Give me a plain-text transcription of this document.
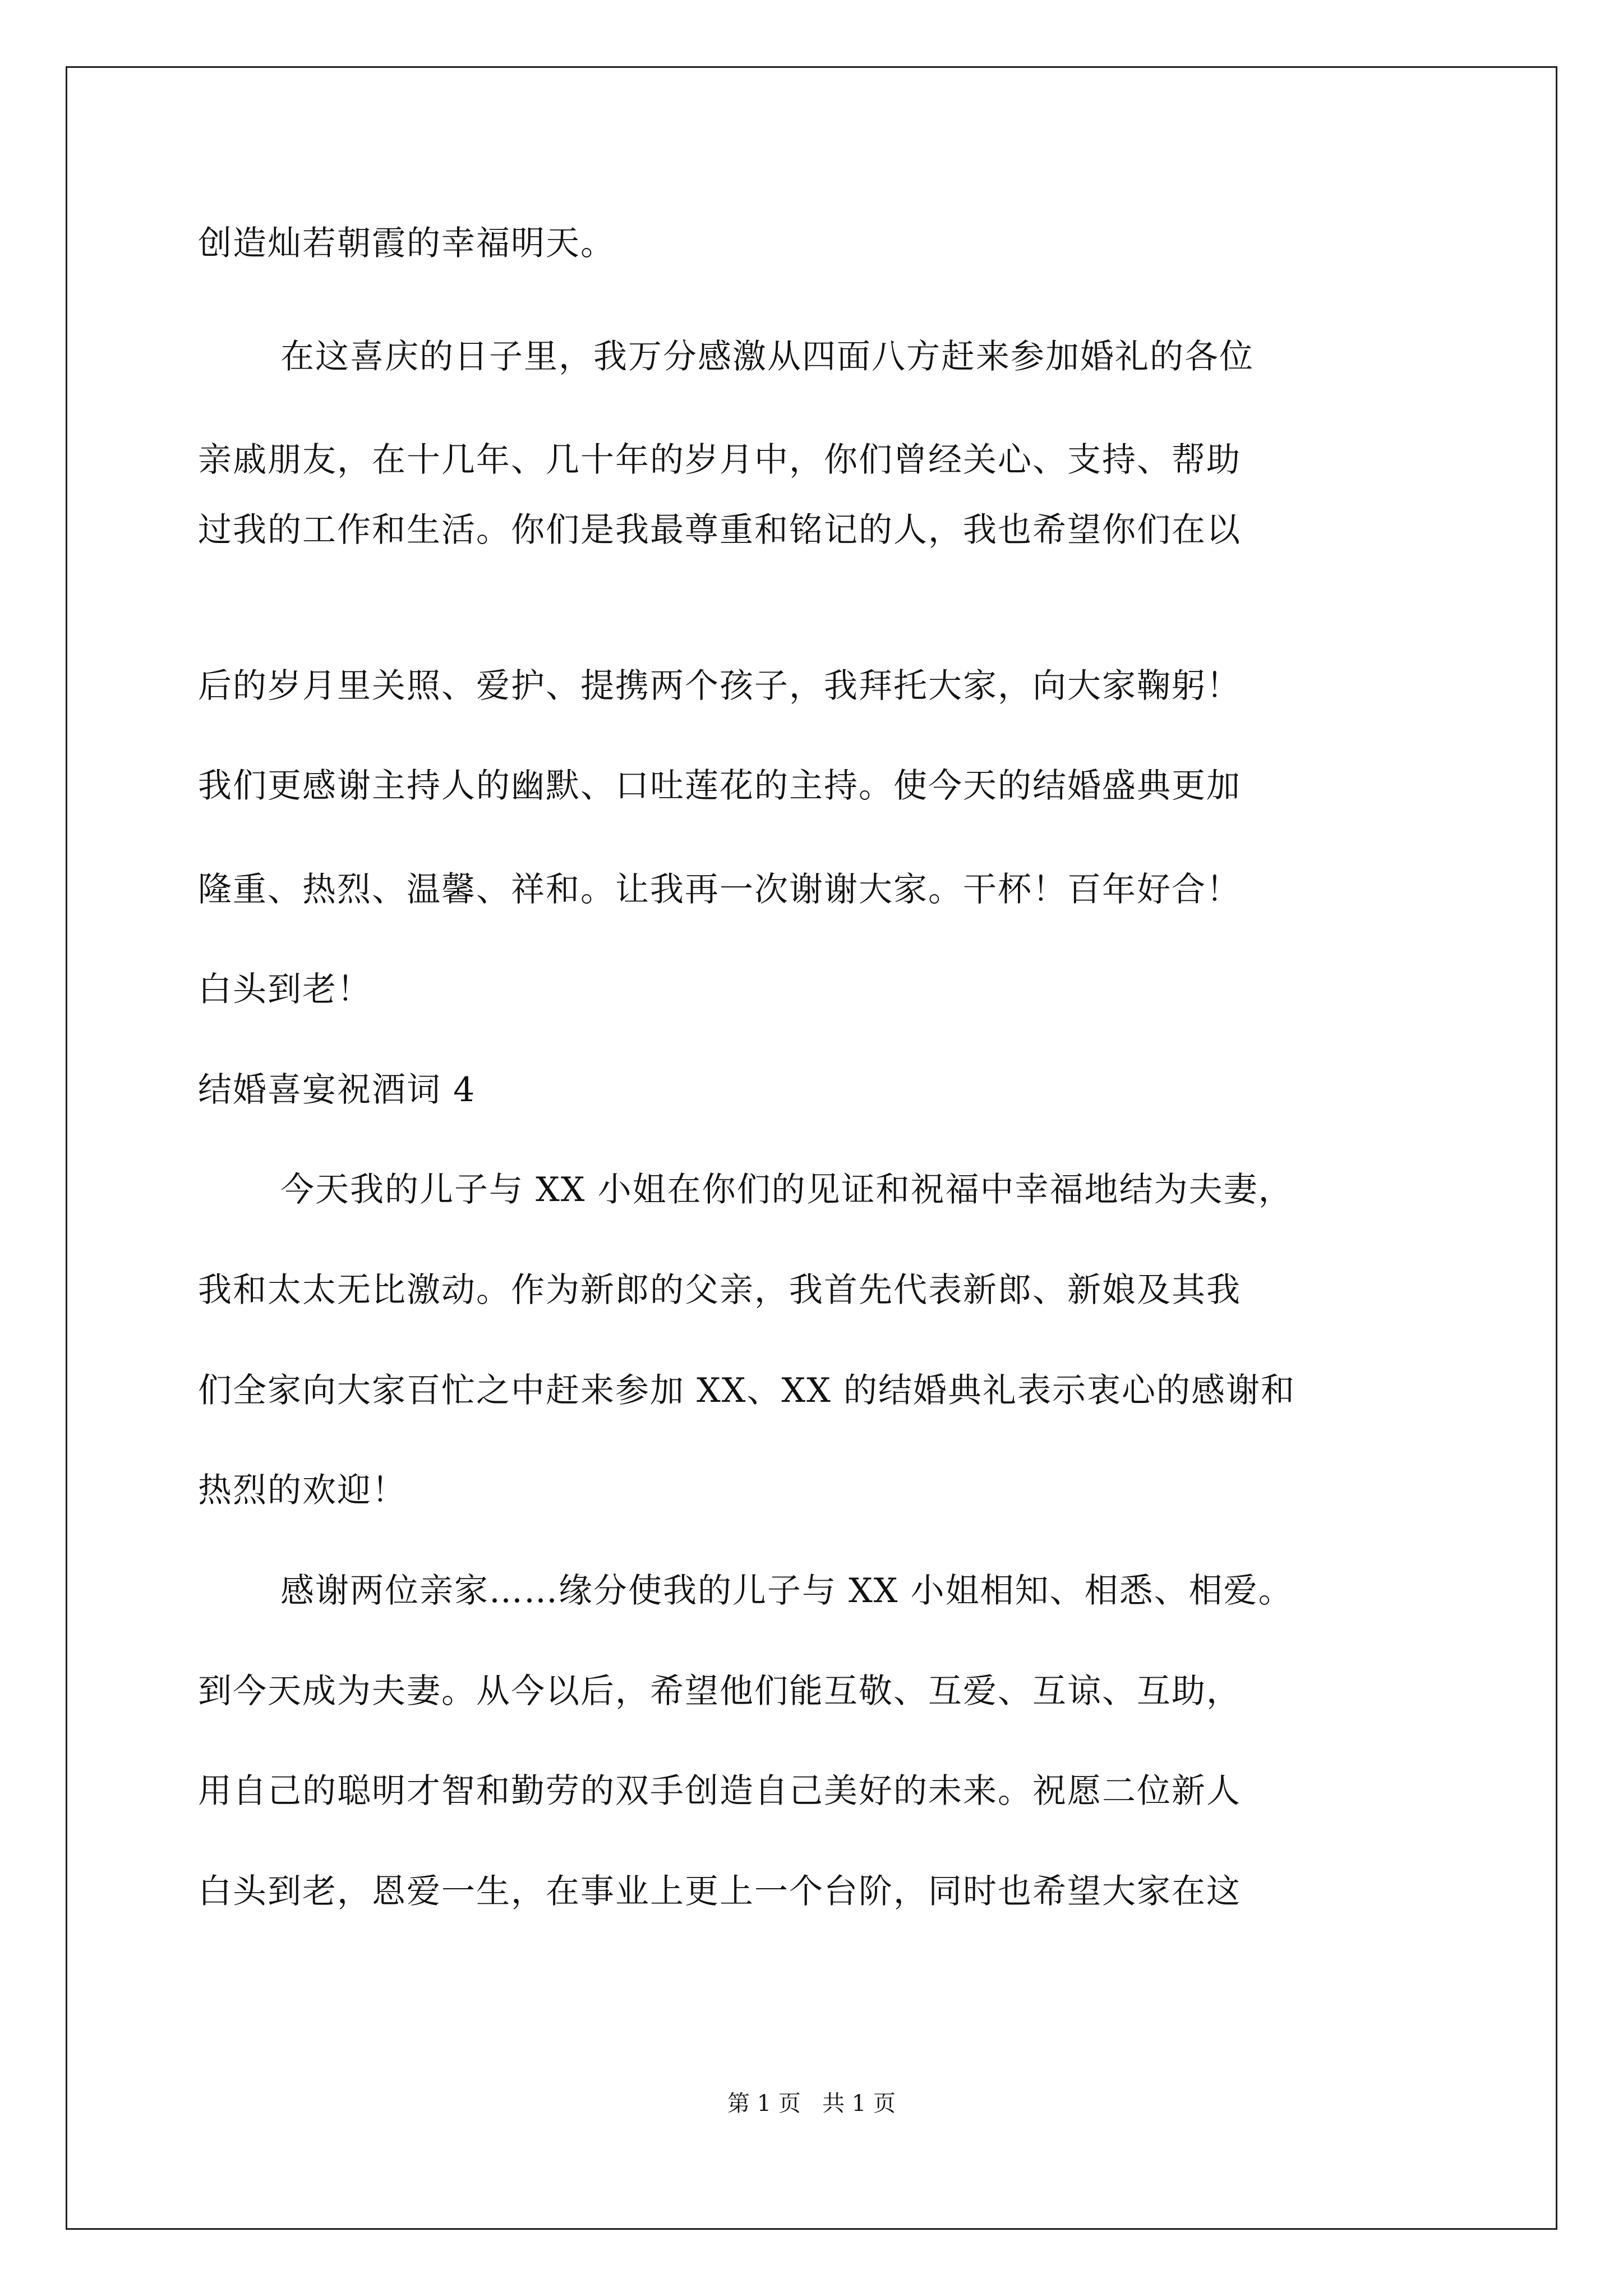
创造灿若朝霞的幸福明天。
在这喜庆的日子里，我万分感激从四面八方赶来参加婚礼的各位
亲戚朋友，在十几年、几十年的岁月中，你们曾经关心、支持、帮助
过我的工作和生活。你们是我最尊重和铭记的人，我也希望你们在以
后的岁月里关照、爱护、提携两个孩子，我拜托大家，向大家鞠躬！
我们更感谢主持人的幽默、口吐莲花的主持。使今天的结婚盛典更加
隆重、热烈、温馨、祥和。让我再一次谢谢大家。干杯！百年好合！
白头到老！
结婚喜宴祝酒词 4
今天我的儿子与 XX 小姐在你们的见证和祝福中幸福地结为夫妻，
我和太太无比激动。作为新郎的父亲，我首先代表新郎、新娘及其我
们全家向大家百忙之中赶来参加 XX、XX 的结婚典礼表示衷心的感谢和
热烈的欢迎！
感谢两位亲家……缘分使我的儿子与 XX 小姐相知、相悉、相爱。
到今天成为夫妻。从今以后，希望他们能互敬、互爱、互谅、互助，
用自己的聪明才智和勤劳的双手创造自己美好的未来。祝愿二位新人
白头到老，恩爱一生，在事业上更上一个台阶，同时也希望大家在这
第 1 页   共 1 页
